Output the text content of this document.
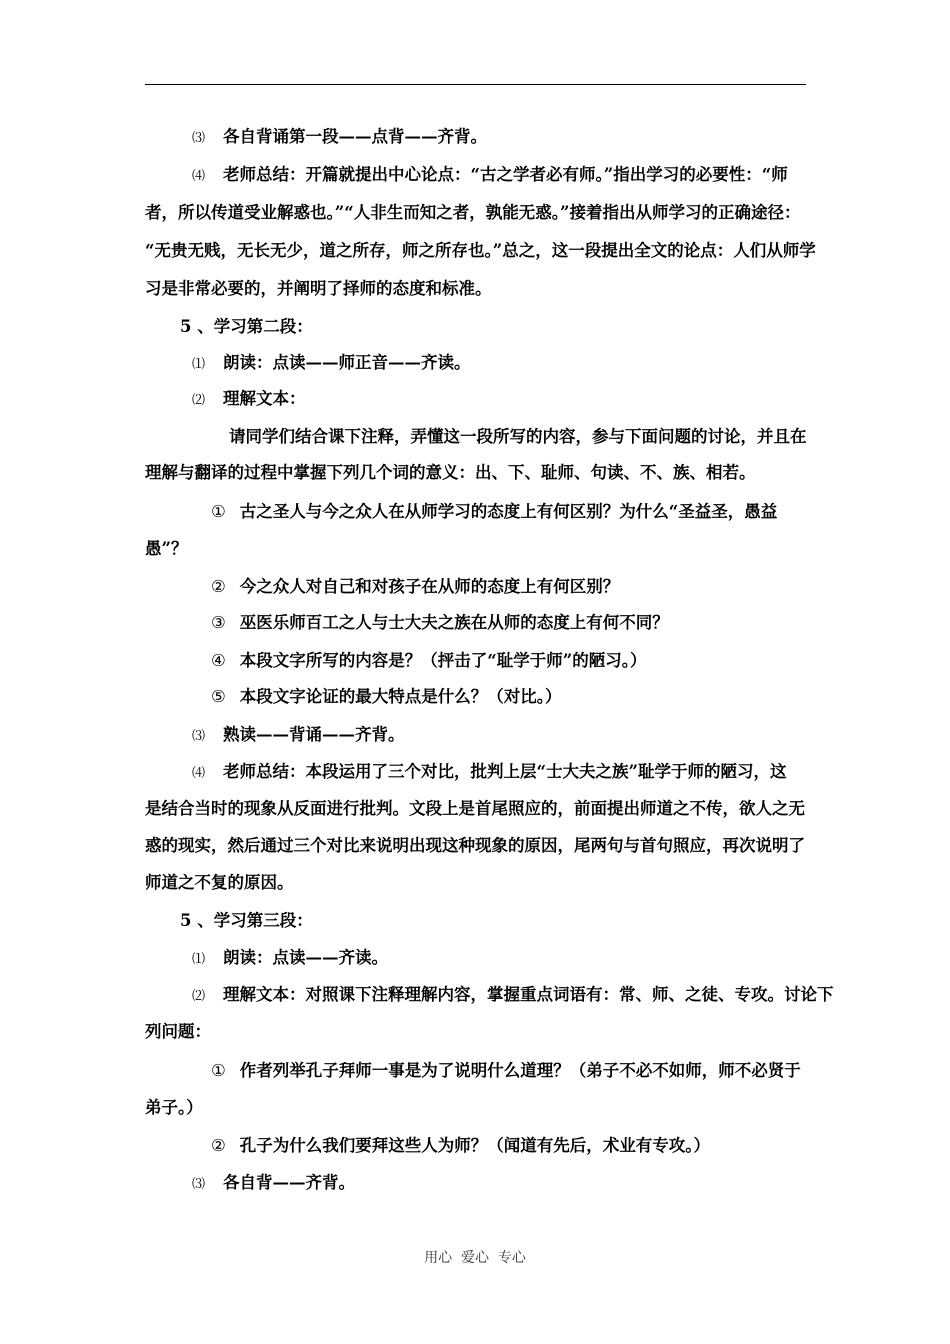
⑶ 各自背诵第一段——点背——齐背。
⑷ 老师总结：开篇就提出中心论点：“古之学者必有师。”指出学习的必要性：“师
者，所以传道受业解惑也。”“人非生而知之者，孰能无惑。”接着指出从师学习的正确途径：
“无贵无贱，无长无少，道之所存，师之所存也。”总之，这一段提出全文的论点：人们从师学
习是非常必要的，并阐明了择师的态度和标准。
5 、学习第二段：
⑴ 朗读：点读——师正音——齐读。
⑵ 理解文本：
请同学们结合课下注释，弄懂这一段所写的内容，参与下面问题的讨论，并且在
理解与翻译的过程中掌握下列几个词的意义：出、下、耻师、句读、不、族、相若。
① 古之圣人与今之众人在从师学习的态度上有何区别？为什么“圣益圣，愚益
愚”？
② 今之众人对自己和对孩子在从师的态度上有何区别？
③ 巫医乐师百工之人与士大夫之族在从师的态度上有何不同？
④ 本段文字所写的内容是？（抨击了“耻学于师”的陋习。）
⑤ 本段文字论证的最大特点是什么？（对比。）
⑶ 熟读——背诵——齐背。
⑷ 老师总结：本段运用了三个对比，批判上层“士大夫之族”耻学于师的陋习，这
是结合当时的现象从反面进行批判。文段上是首尾照应的，前面提出师道之不传，欲人之无
惑的现实，然后通过三个对比来说明出现这种现象的原因，尾两句与首句照应，再次说明了
师道之不复的原因。
5 、学习第三段：
⑴ 朗读：点读——齐读。
⑵ 理解文本：对照课下注释理解内容，掌握重点词语有：常、师、之徒、专攻。讨论下
列问题：
① 作者列举孔子拜师一事是为了说明什么道理？（弟子不必不如师，师不必贤于
弟子。）
② 孔子为什么我们要拜这些人为师？（闻道有先后，术业有专攻。）
⑶ 各自背——齐背。
用心  爱心  专心
